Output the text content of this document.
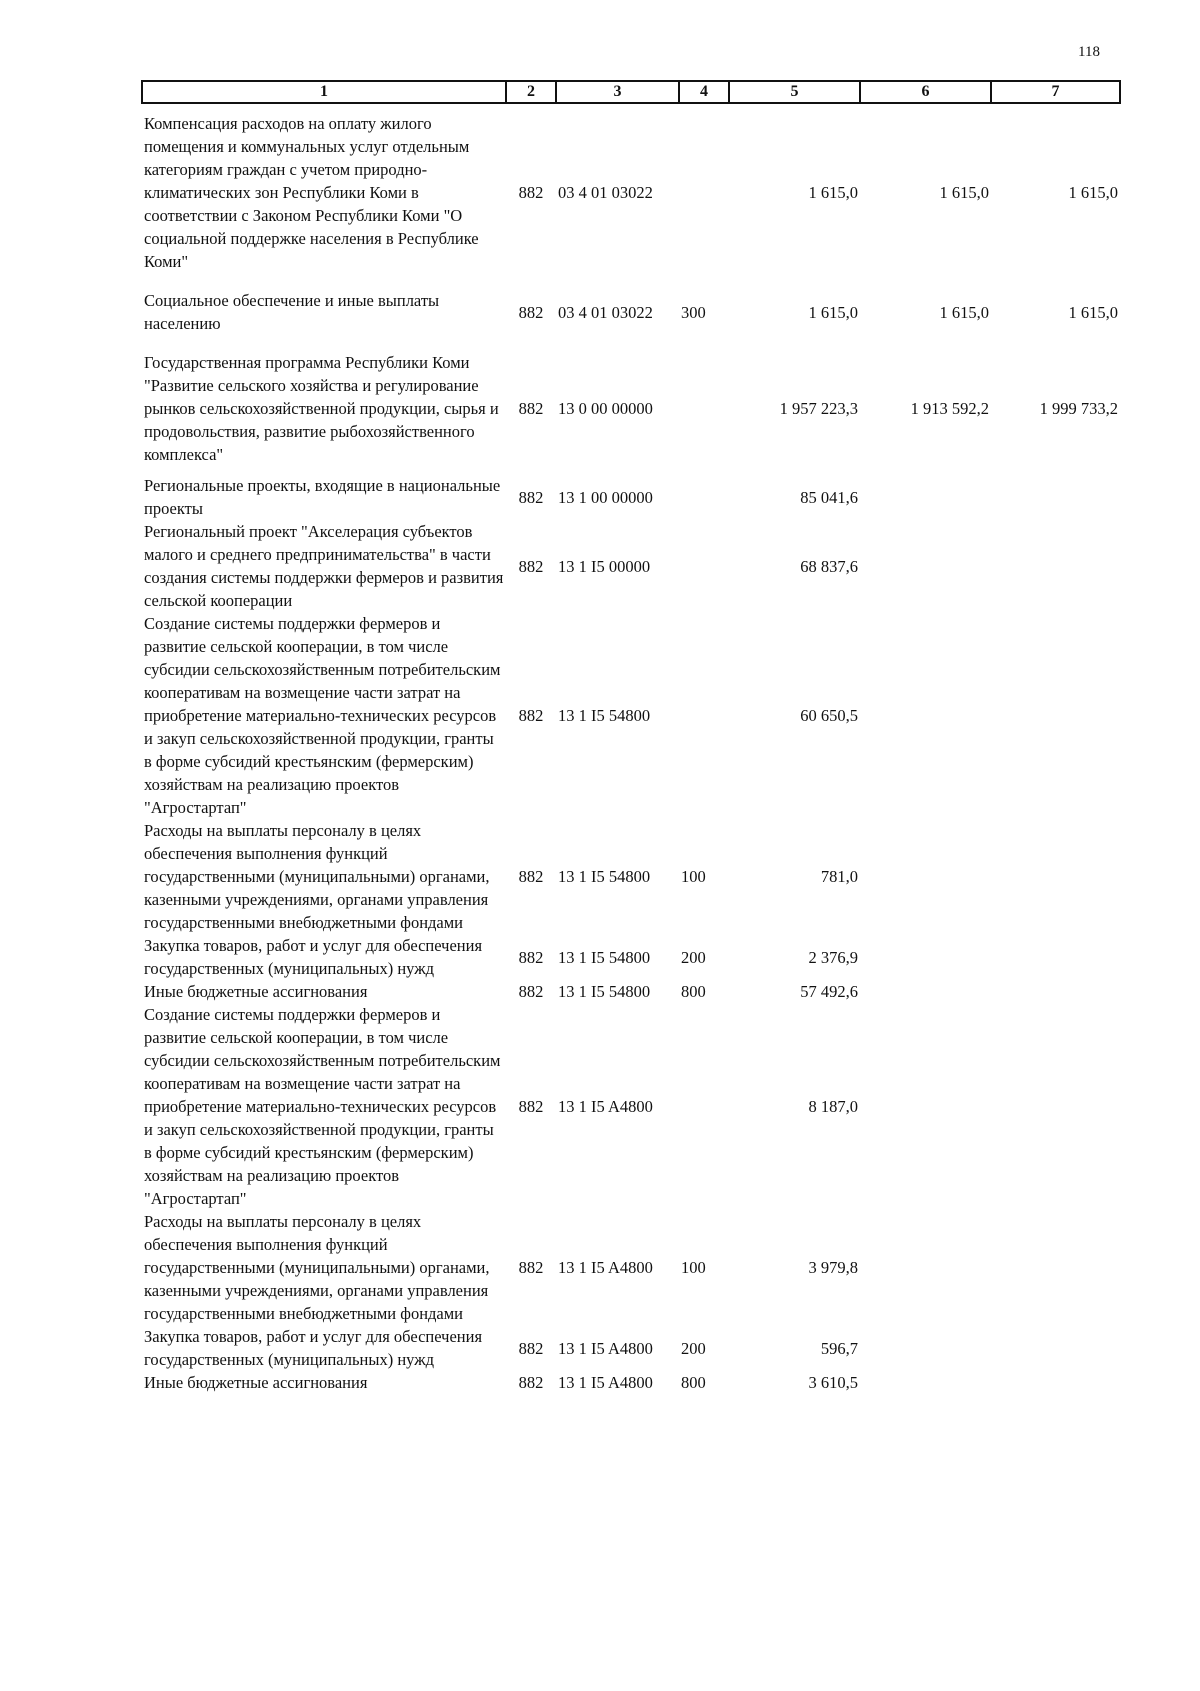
118
1	2	3	4	5	6	7
Компенсация расходов на оплату жилого помещения и коммунальных услуг отдельным категориям граждан с учетом природно-климатических зон Республики Коми в соответствии с Законом Республики Коми "О социальной поддержке населения в Республике Коми"	882	03 4 01 03022		1 615,0	1 615,0	1 615,0
Социальное обеспечение и иные выплаты населению	882	03 4 01 03022	300	1 615,0	1 615,0	1 615,0
Государственная программа Республики Коми "Развитие сельского хозяйства и регулирование рынков сельскохозяйственной продукции, сырья и продовольствия, развитие рыбохозяйственного комплекса"	882	13 0 00 00000		1 957 223,3	1 913 592,2	1 999 733,2
Региональные проекты, входящие в национальные проекты	882	13 1 00 00000		85 041,6		
Региональный проект "Акселерация субъектов малого и среднего предпринимательства" в части создания системы поддержки фермеров и развития сельской кооперации	882	13 1 I5 00000		68 837,6		
Создание системы поддержки фермеров и развитие сельской кооперации, в том числе субсидии сельскохозяйственным потребительским кооперативам на возмещение части затрат на приобретение материально-технических ресурсов и закуп сельскохозяйственной продукции, гранты в форме субсидий крестьянским (фермерским) хозяйствам на реализацию проектов "Агростартап"	882	13 1 I5 54800		60 650,5		
Расходы на выплаты персоналу в целях обеспечения выполнения функций государственными (муниципальными) органами, казенными учреждениями, органами управления государственными внебюджетными фондами	882	13 1 I5 54800	100	781,0		
Закупка товаров, работ и услуг для обеспечения государственных (муниципальных) нужд	882	13 1 I5 54800	200	2 376,9		
Иные бюджетные ассигнования	882	13 1 I5 54800	800	57 492,6		
Создание системы поддержки фермеров и развитие сельской кооперации, в том числе субсидии сельскохозяйственным потребительским кооперативам на возмещение части затрат на приобретение материально-технических ресурсов и закуп сельскохозяйственной продукции, гранты в форме субсидий крестьянским (фермерским) хозяйствам на реализацию проектов "Агростартап"	882	13 1 I5 A4800		8 187,0		
Расходы на выплаты персоналу в целях обеспечения выполнения функций государственными (муниципальными) органами, казенными учреждениями, органами управления государственными внебюджетными фондами	882	13 1 I5 A4800	100	3 979,8		
Закупка товаров, работ и услуг для обеспечения государственных (муниципальных) нужд	882	13 1 I5 A4800	200	596,7		
Иные бюджетные ассигнования	882	13 1 I5 A4800	800	3 610,5		
